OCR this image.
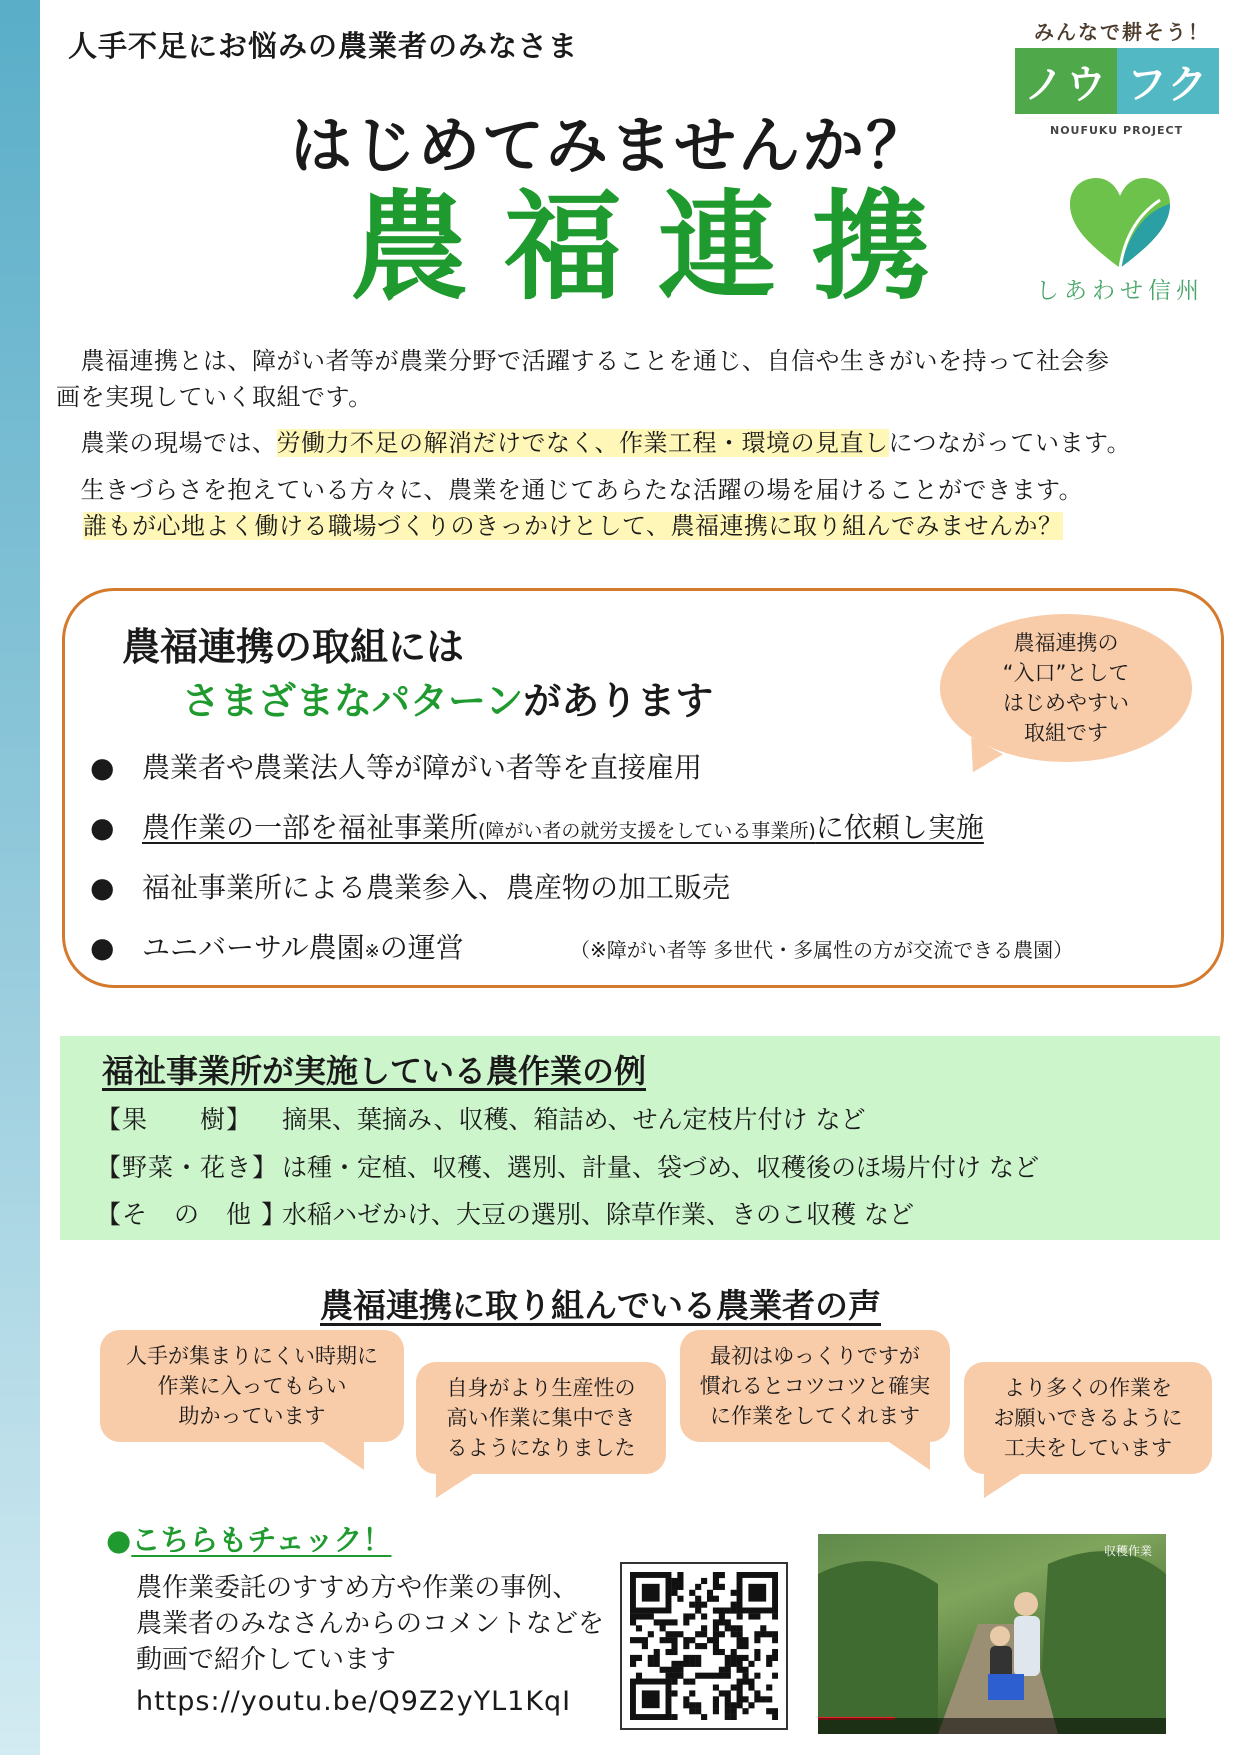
人手不足にお悩みの農業者のみなさま
はじめてみませんか？
農福連携
みんなで耕そう！
ノウ フク
NOUFUKU PROJECT
しあわせ信州
　農福連携とは、障がい者等が農業分野で活躍することを通じ、自信や生きがいを持って社会参
画を実現していく取組です。
　農業の現場では、労働力不足の解消だけでなく、作業工程・環境の見直しにつながっています。
　生きづらさを抱えている方々に、農業を通じてあらたな活躍の場を届けることができます。
誰もが心地よく働ける職場づくりのきっかけとして、農福連携に取り組んでみませんか？
農福連携の取組には
さまざまなパターンがあります
農福連携の
“入口”として
はじめやすい
取組です
● 農業者や農業法人等が障がい者等を直接雇用
● 農作業の一部を福祉事業所(障がい者の就労支援をしている事業所)に依頼し実施
● 福祉事業所による農業参入、農産物の加工販売
● ユニバーサル農園 ※ の運営	（※障がい者等 多世代・多属性の方が交流できる農園）
福祉事業所が実施している農作業の例
【果　　樹】	摘果、葉摘み、収穫、箱詰め、せん定枝片付け など
【野菜・花き】 は種・定植、収穫、選別、計量、袋づめ、収穫後のほ場片付け など
【そ　の　他 】
水稲ハゼかけ、大豆の選別、除草作業、きのこ収穫 など
農福連携に取り組んでいる農業者の声
人手が集まりにくい時期に
作業に入ってもらい
助かっています
自身がより生産性の
高い作業に集中でき
るようになりました
最初はゆっくりですが
慣れるとコツコツと確実
に作業をしてくれます
より多くの作業を
お願いできるように
工夫をしています
●こちらもチェック！
農作業委託のすすめ方や作業の事例、
農業者のみなさんからのコメントなどを
動画で紹介しています
https://youtu.be/Q9Z2yYL1KqI
収穫作業
